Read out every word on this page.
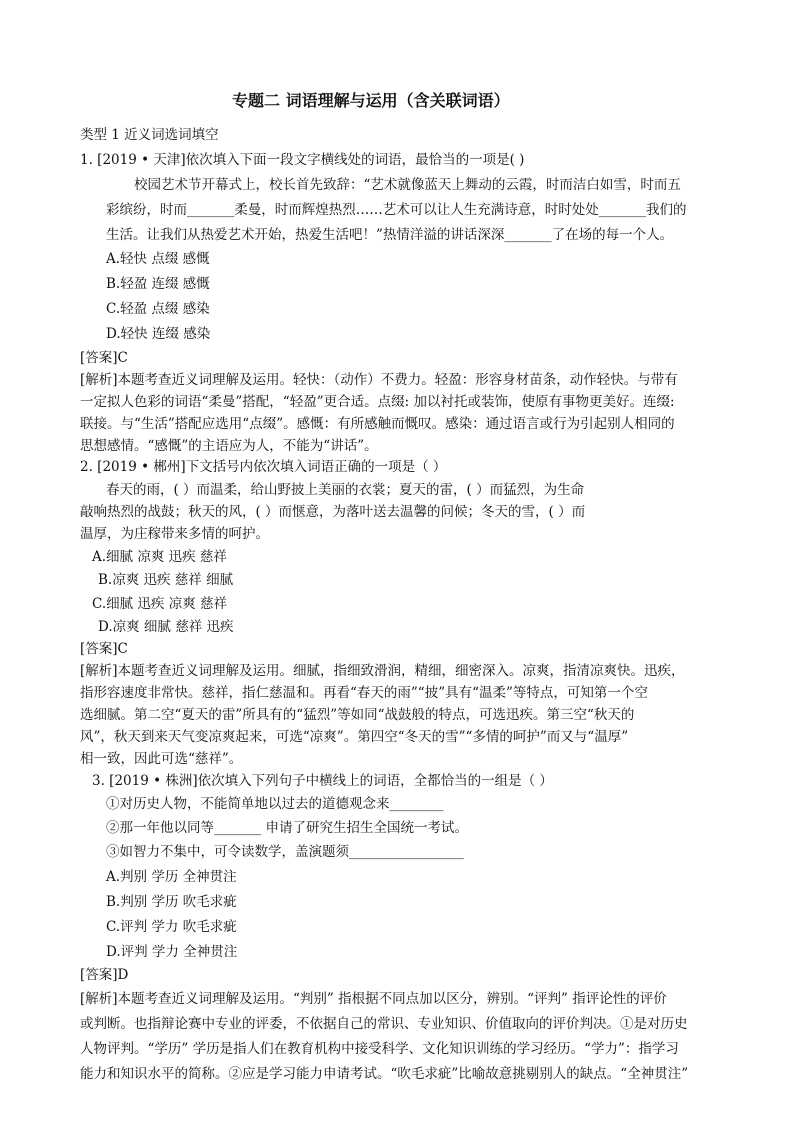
专题二 词语理解与运用（含关联词语）
类型 1 近义词选词填空
1. [2019 • 天津]依次填入下面一段文字横线处的词语，最恰当的一项是( )
校园艺术节开幕式上，校长首先致辞：“艺术就像蓝天上舞动的云霞，时而洁白如雪，时而五
彩缤纷，时而_______柔曼，时而辉煌热烈……艺术可以让人生充满诗意，时时处处_______我们的
生活。让我们从热爱艺术开始，热爱生活吧！”热情洋溢的讲话深深_______了在场的每一个人。
A.轻快 点缀 感慨
B.轻盈 连缀 感慨
C.轻盈 点缀 感染
D.轻快 连缀 感染
[答案]C
[解析]本题考查近义词理解及运用。轻快：（动作）不费力。轻盈：形容身材苗条，动作轻快。与带有
一定拟人色彩的词语“柔曼”搭配，“轻盈”更合适。点缀: 加以衬托或装饰，使原有事物更美好。连缀:
联接。与“生活”搭配应选用“点缀”。感慨：有所感触而慨叹。感染：通过语言或行为引起别人相同的
思想感情。“感慨”的主语应为人，不能为“讲话”。
2. [2019 • 郴州]下文括号内依次填入词语正确的一项是（ ）
春天的雨，( ）而温柔，给山野披上美丽的衣裳；夏天的雷，( ）而猛烈，为生命
敲响热烈的战鼓；秋天的风，( ）而惬意，为落叶送去温馨的问候；冬天的雪，( ）而
温厚，为庄稼带来多情的呵护。
A.细腻 凉爽 迅疾 慈祥
B.凉爽 迅疾 慈祥 细腻
C.细腻 迅疾 凉爽 慈祥
D.凉爽 细腻 慈祥 迅疾
[答案]C
[解析]本题考查近义词理解及运用。细腻，指细致滑润，精细，细密深入。凉爽，指清凉爽快。迅疾，
指形容速度非常快。慈祥，指仁慈温和。再看“春天的雨”“披”具有“温柔”等特点，可知第一个空
选细腻。第二空“夏天的雷”所具有的“猛烈”等如同“战鼓般的特点，可选迅疾。第三空“秋天的
风”，秋天到来天气变凉爽起来，可选“凉爽”。第四空“冬天的雪”“多情的呵护”而又与“温厚”
相一致，因此可选“慈祥”。
3. [2019 • 株洲]依次填入下列句子中横线上的词语，全都恰当的一组是（ ）
①对历史人物，不能简单地以过去的道德观念来________
②那一年他以同等_______ 申请了研究生招生全国统一考试。
③如智力不集中，可令读数学，盖演题须_________________
A.判别 学历 全神贯注
B.判别 学历 吹毛求疵
C.评判 学力 吹毛求疵
D.评判 学力 全神贯注
[答案]D
[解析]本题考查近义词理解及运用。“判别” 指根据不同点加以区分，辨别。“评判” 指评论性的评价
或判断。也指辩论赛中专业的评委，不依据自己的常识、专业知识、价值取向的评价判决。①是对历史
人物评判。“学历” 学历是指人们在教育机构中接受科学、文化知识训练的学习经历。“学力”：指学习
能力和知识水平的简称。②应是学习能力申请考试。“吹毛求疵”比喻故意挑剔别人的缺点。“全神贯注”
